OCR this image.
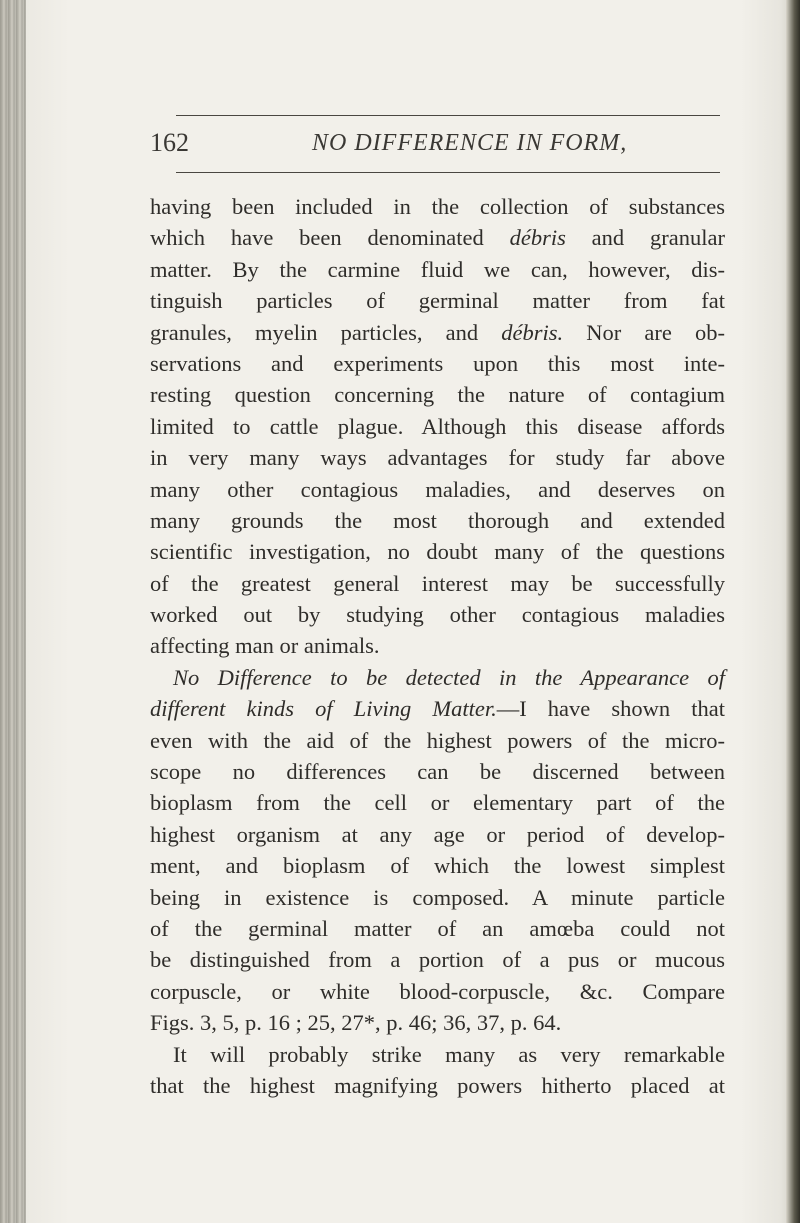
162	NO DIFFERENCE IN FORM,
having been included in the collection of substances
which have been denominated débris and granular
matter. By the carmine fluid we can, however, dis-
tinguish particles of germinal matter from fat
granules, myelin particles, and débris. Nor are ob-
servations and experiments upon this most inte-
resting question concerning the nature of contagium
limited to cattle plague. Although this disease affords
in very many ways advantages for study far above
many other contagious maladies, and deserves on
many grounds the most thorough and extended
scientific investigation, no doubt many of the questions
of the greatest general interest may be successfully
worked out by studying other contagious maladies
affecting man or animals.
No Difference to be detected in the Appearance of
different kinds of Living Matter.—I have shown that
even with the aid of the highest powers of the micro-
scope no differences can be discerned between
bioplasm from the cell or elementary part of the
highest organism at any age or period of develop-
ment, and bioplasm of which the lowest simplest
being in existence is composed. A minute particle
of the germinal matter of an amœba could not
be distinguished from a portion of a pus or mucous
corpuscle, or white blood-corpuscle, &c. Compare
Figs. 3, 5, p. 16 ; 25, 27*, p. 46; 36, 37, p. 64.
It will probably strike many as very remarkable
that the highest magnifying powers hitherto placed at
